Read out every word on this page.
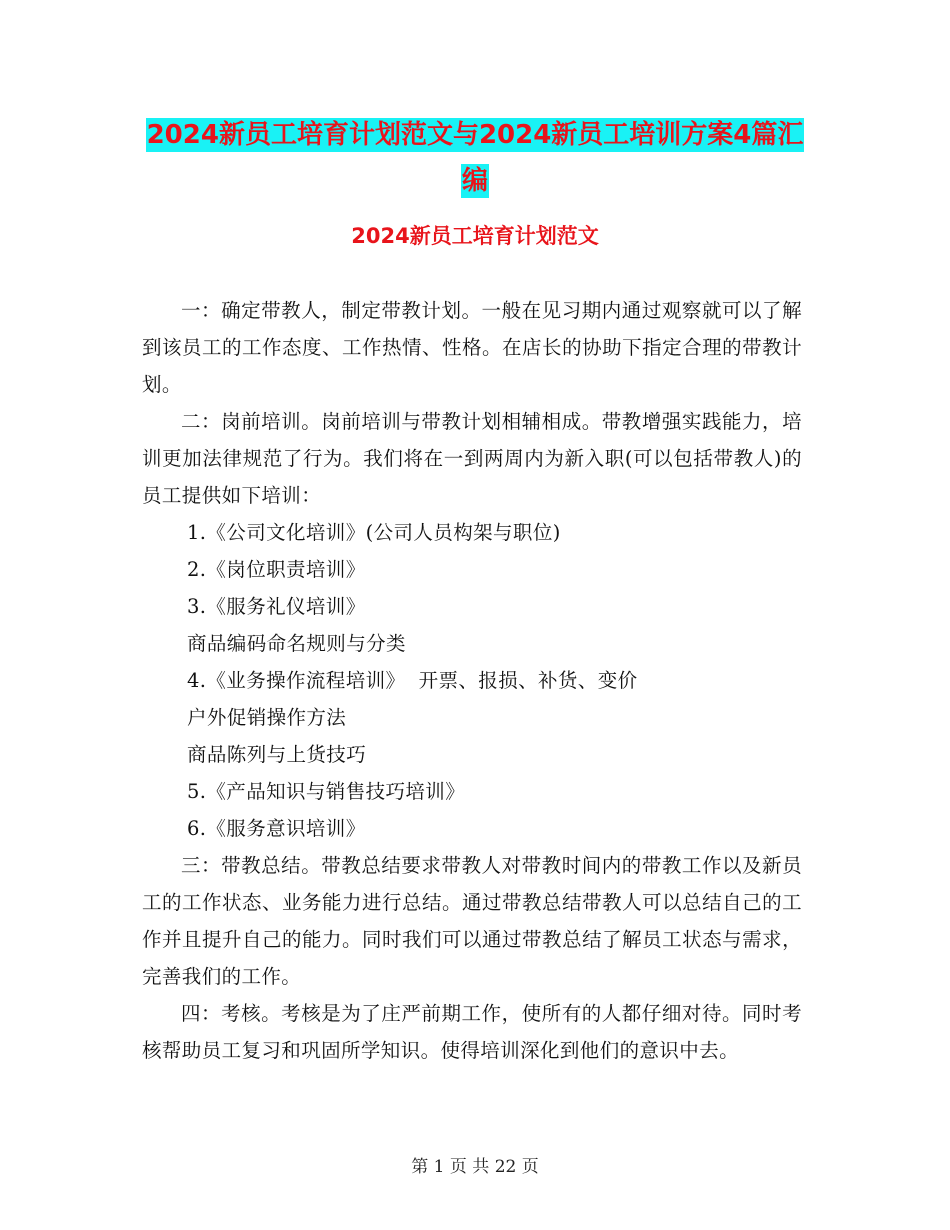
2024新员工培育计划范文与2024新员工培训方案4篇汇编
2024新员工培育计划范文

一：确定带教人，制定带教计划。一般在见习期内通过观察就可以了解到该员工的工作态度、工作热情、性格。在店长的协助下指定合理的带教计划。

二：岗前培训。岗前培训与带教计划相辅相成。带教增强实践能力，培训更加法律规范了行为。我们将在一到两周内为新入职(可以包括带教人)的员工提供如下培训：

1.《公司文化培训》(公司人员构架与职位)

2.《岗位职责培训》

3.《服务礼仪培训》

商品编码命名规则与分类

4.《业务操作流程培训》  开票、报损、补货、变价

户外促销操作方法

商品陈列与上货技巧

5.《产品知识与销售技巧培训》

6.《服务意识培训》

三：带教总结。带教总结要求带教人对带教时间内的带教工作以及新员工的工作状态、业务能力进行总结。通过带教总结带教人可以总结自己的工作并且提升自己的能力。同时我们可以通过带教总结了解员工状态与需求，完善我们的工作。

四：考核。考核是为了庄严前期工作，使所有的人都仔细对待。同时考核帮助员工复习和巩固所学知识。使得培训深化到他们的意识中去。

第 1 页 共 22 页
